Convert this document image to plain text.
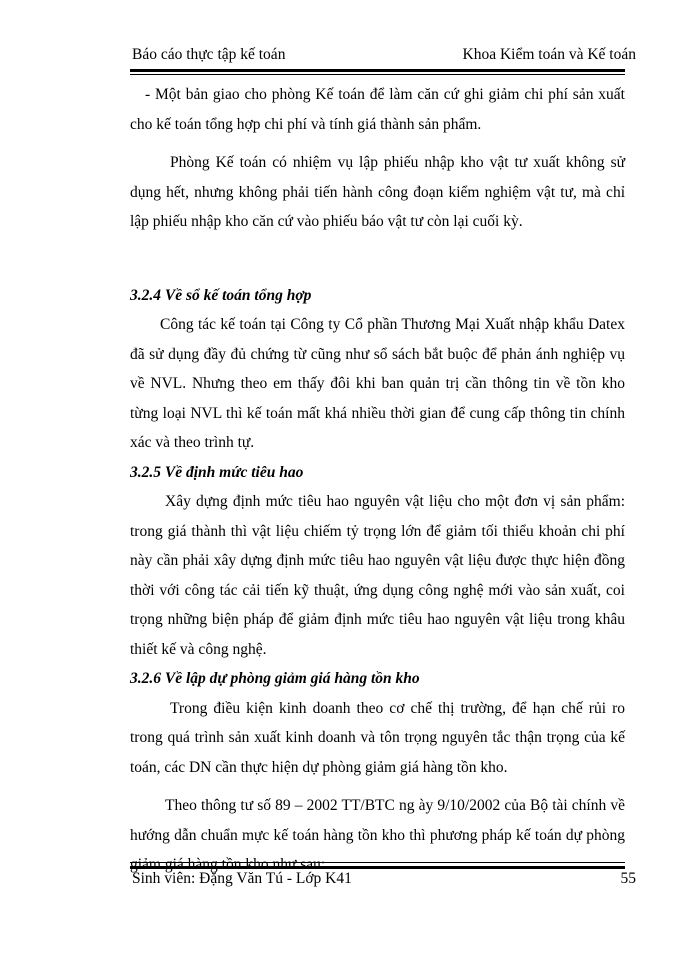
Báo cáo thực tập kế toán	Khoa Kiểm toán và Kế toán

- Một bản giao cho phòng Kế toán để làm căn cứ ghi giảm chi phí sản xuất cho kế toán tổng hợp chi phí và tính giá thành sản phẩm.

Phòng Kế toán có nhiệm vụ lập phiếu nhập kho vật tư xuất không sử dụng hết, nhưng không phải tiến hành công đoạn kiểm nghiệm vật tư, mà chỉ lập phiếu nhập kho căn cứ vào phiếu báo vật tư còn lại cuối kỳ.

3.2.4 Về sổ kế toán tổng hợp

Công tác kế toán tại Công ty Cổ phần Thương Mại Xuất nhập khẩu Datex đã sử dụng đầy đủ chứng từ cũng như sổ sách bắt buộc để phản ánh nghiệp vụ về NVL. Nhưng theo em thấy đôi khi ban quản trị cần thông tin về tồn kho từng loại NVL thì kế toán mất khá nhiều thời gian để cung cấp thông tin chính xác và theo trình tự.

3.2.5 Về định mức tiêu hao

Xây dựng định mức tiêu hao nguyên vật liệu cho một đơn vị sản phẩm: trong giá thành thì vật liệu chiếm tỷ trọng lớn để giảm tối thiểu khoản chi phí này cần phải xây dựng định mức tiêu hao nguyên vật liệu được thực hiện đồng thời với công tác cải tiến kỹ thuật, ứng dụng công nghệ mới vào sản xuất, coi trọng những biện pháp để giảm định mức tiêu hao nguyên vật liệu trong khâu thiết kế và công nghệ.

3.2.6 Về lập dự phòng giảm giá hàng tồn kho

Trong điều kiện kinh doanh theo cơ chế thị trường, để hạn chế rủi ro trong quá trình sản xuất kinh doanh và tôn trọng nguyên tắc thận trọng của kế toán, các DN cần thực hiện dự phòng giảm giá hàng tồn kho.

Theo thông tư số 89 – 2002 TT/BTC ng ày 9/10/2002 của Bộ tài chính về hướng dẫn chuẩn mực kế toán hàng tồn kho thì phương pháp kế toán dự phòng giảm giá hàng tồn kho như sau:

Sinh viên: Đặng Văn Tú - Lớp K41	55
